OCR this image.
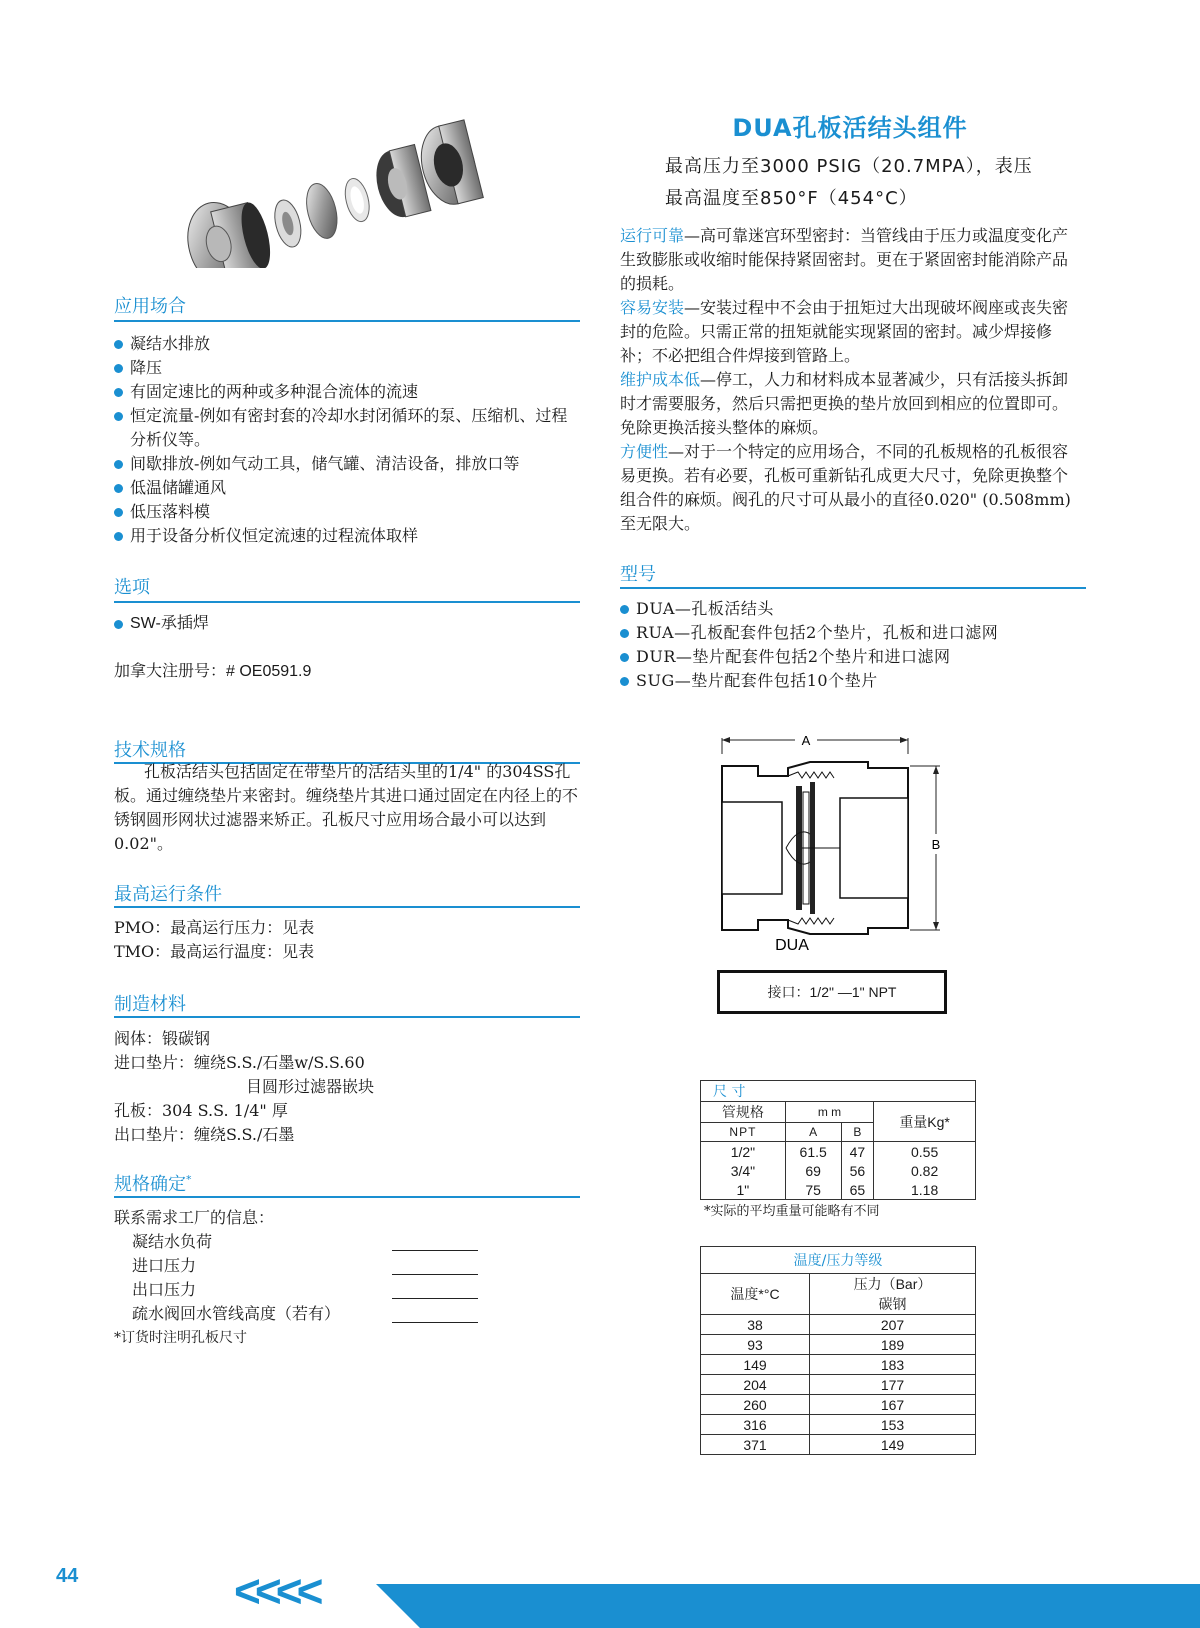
DUA孔板活结头组件
最高压力至3000 PSIG（20.7MPA），表压
最高温度至850°F（454°C）
运行可靠—高可靠迷宫环型密封：当管线由于压力或温度变化产生致膨胀或收缩时能保持紧固密封。更在于紧固密封能消除产品的损耗。
容易安装—安装过程中不会由于扭矩过大出现破坏阀座或丧失密封的危险。只需正常的扭矩就能实现紧固的密封。减少焊接修补；不必把组合件焊接到管路上。
维护成本低—停工，人力和材料成本显著减少，只有活接头拆卸时才需要服务，然后只需把更换的垫片放回到相应的位置即可。免除更换活接头整体的麻烦。
方便性—对于一个特定的应用场合，不同的孔板规格的孔板很容易更换。若有必要，孔板可重新钻孔成更大尺寸，免除更换整个组合件的麻烦。阀孔的尺寸可从最小的直径0.020" (0.508mm)至无限大。
应用场合
凝结水排放
降压
有固定速比的两种或多种混合流体的流速
恒定流量-例如有密封套的冷却水封闭循环的泵、压缩机、过程分析仪等。
间歇排放-例如气动工具，储气罐、清洁设备，排放口等
低温储罐通风
低压落料模
用于设备分析仪恒定流速的过程流体取样
选项
SW-承插焊
加拿大注册号：# OE0591.9
型号
DUA—孔板活结头
RUA—孔板配套件包括2个垫片，孔板和进口滤网
DUR—垫片配套件包括2个垫片和进口滤网
SUG—垫片配套件包括10个垫片
A
B
DUA
接口：1/2" —1" NPT
技术规格
孔板活结头包括固定在带垫片的活结头里的1/4" 的304SS孔板。通过缠绕垫片来密封。缠绕垫片其进口通过固定在内径上的不锈钢圆形网状过滤器来矫正。孔板尺寸应用场合最小可以达到0.02"。
最高运行条件
PMO：最高运行压力：见表
TMO：最高运行温度：见表
制造材料
阀体：锻碳钢
进口垫片：缠绕S.S./石墨w/S.S.60
目圆形过滤器嵌块
孔板：304 S.S. 1/4" 厚
出口垫片：缠绕S.S./石墨
规格确定*
联系需求工厂的信息：
凝结水负荷
进口压力
出口压力
疏水阀回水管线高度（若有）
*订货时注明孔板尺寸
尺 寸			
管规格	m m		重量Kg*
NPT	A	B	
1/2"	61.5	47	0.55
3/4"	69	56	0.82
1"	75	65	1.18
*实际的平均重量可能略有不同
温度/压力等级	
温度*°C	压力（Bar）
碳钢

38	207
93	189
149	183
204	177
260	167
316	153
371	149
44	<<<<
